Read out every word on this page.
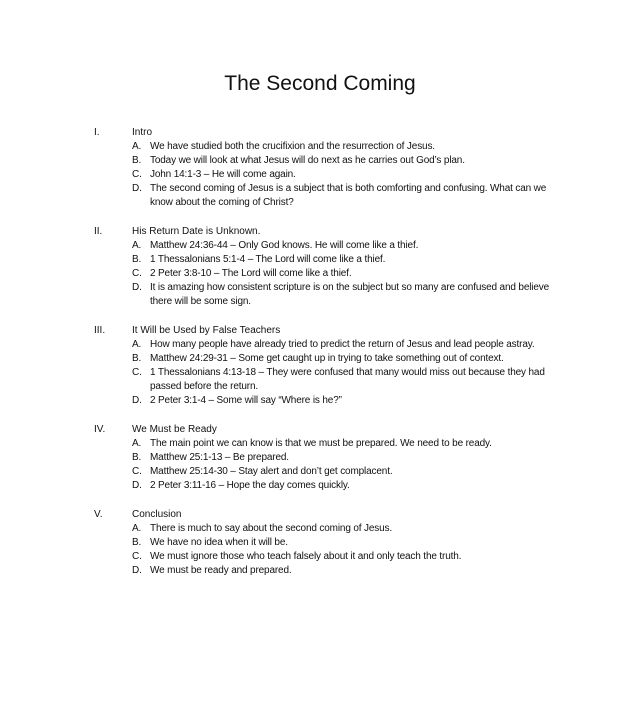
The Second Coming
I.	Intro
A. We have studied both the crucifixion and the resurrection of Jesus.
B. Today we will look at what Jesus will do next as he carries out God’s plan.
C. John 14:1-3 – He will come again.
D. The second coming of Jesus is a subject that is both comforting and confusing. What can we know about the coming of Christ?
II.	His Return Date is Unknown.
A. Matthew 24:36-44 – Only God knows. He will come like a thief.
B. 1 Thessalonians 5:1-4 – The Lord will come like a thief.
C. 2 Peter 3:8-10 – The Lord will come like a thief.
D. It is amazing how consistent scripture is on the subject but so many are confused and believe there will be some sign.
III.	It Will be Used by False Teachers
A. How many people have already tried to predict the return of Jesus and lead people astray.
B. Matthew 24:29-31 – Some get caught up in trying to take something out of context.
C. 1 Thessalonians 4:13-18 – They were confused that many would miss out because they had passed before the return.
D. 2 Peter 3:1-4 – Some will say “Where is he?”
IV.	We Must be Ready
A. The main point we can know is that we must be prepared. We need to be ready.
B. Matthew 25:1-13 – Be prepared.
C. Matthew 25:14-30 – Stay alert and don’t get complacent.
D. 2 Peter 3:11-16 – Hope the day comes quickly.
V.	Conclusion
A. There is much to say about the second coming of Jesus.
B. We have no idea when it will be.
C. We must ignore those who teach falsely about it and only teach the truth.
D. We must be ready and prepared.
